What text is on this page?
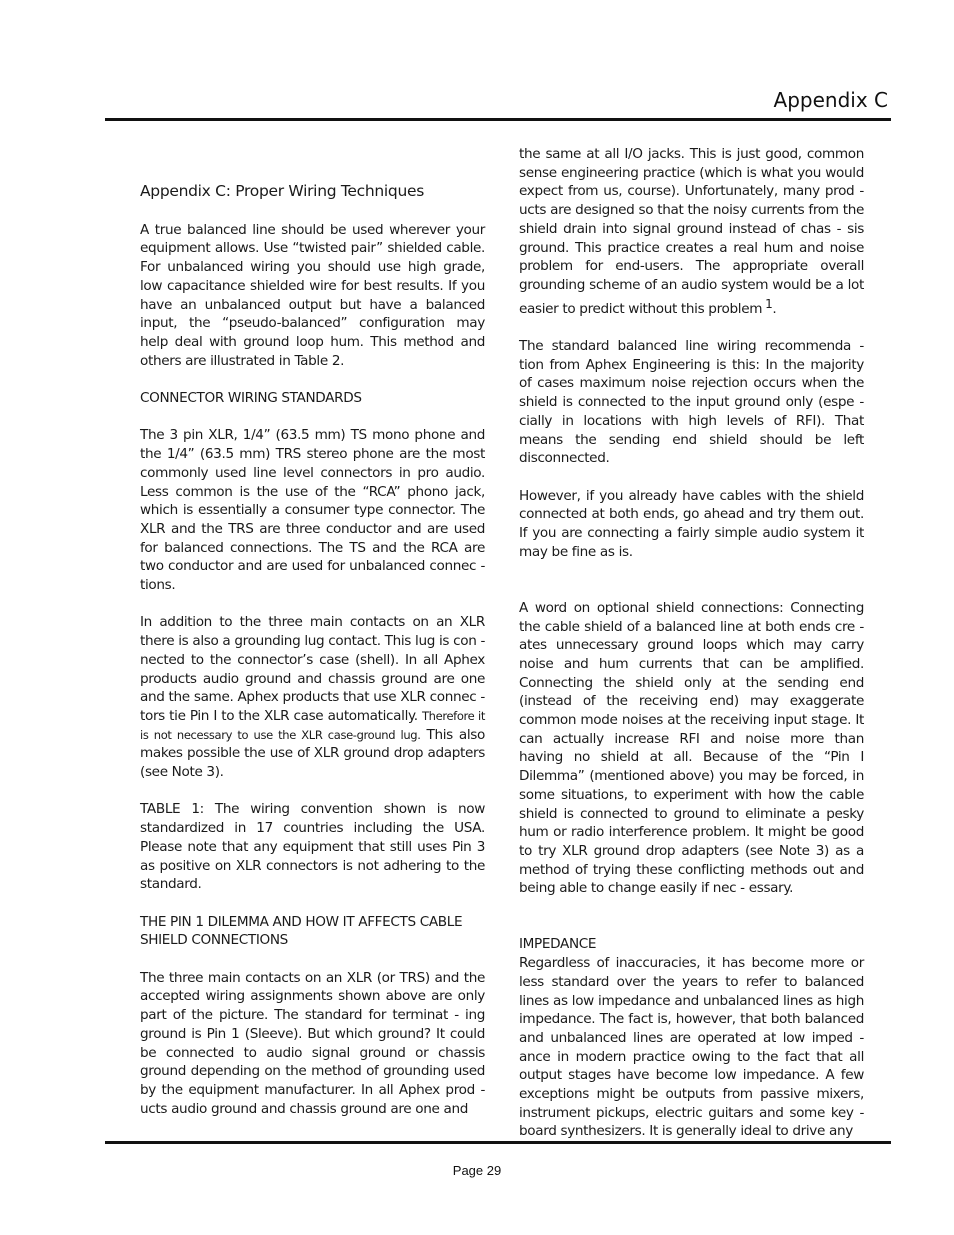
Appendix C
Appendix C: Proper Wiring Techniques

A true balanced line should be used wherever your equipment allows. Use “twisted pair” shielded cable. For unbalanced wiring you should use high grade, low capacitance shielded wire for best results. If you have an unbalanced output but have a balanced input, the “pseudo-balanced” configuration may help deal with ground loop hum. This method and others are illustrated in Table 2.

CONNECTOR WIRING STANDARDS

The 3 pin XLR, 1/4” (63.5 mm) TS mono phone and the 1/4” (63.5 mm) TRS stereo phone are the most commonly used line level connectors in pro audio. Less common is the use of the “RCA” phono jack, which is essentially a consumer type connector. The XLR and the TRS are three conductor and are used for balanced connections. The TS and the RCA are two conductor and are used for unbalanced connec - tions.

In addition to the three main contacts on an XLR there is also a grounding lug contact. This lug is con - nected to the connector’s case (shell). In all Aphex products audio ground and chassis ground are one and the same. Aphex products that use XLR connec - tors tie Pin I to the XLR case automatically. Therefore it is not necessary to use the XLR case-ground lug. This also makes possible the use of XLR ground drop adapters (see Note 3).

TABLE 1: The wiring convention shown is now standardized in 17 countries including the USA. Please note that any equipment that still uses Pin 3 as positive on XLR connectors is not adhering to the standard.

THE PIN 1 DILEMMA AND HOW IT AFFECTS CABLE SHIELD CONNECTIONS

The three main contacts on an XLR (or TRS) and the accepted wiring assignments shown above are only part of the picture. The standard for terminat - ing ground is Pin 1 (Sleeve). But which ground? It could be connected to audio signal ground or chassis ground depending on the method of grounding used by the equipment manufacturer. In all Aphex prod - ucts audio ground and chassis ground are one and

the same at all I/O jacks. This is just good, common sense engineering practice (which is what you would expect from us, course). Unfortunately, many prod - ucts are designed so that the noisy currents from the shield drain into signal ground instead of chas - sis ground. This practice creates a real hum and noise problem for end-users. The appropriate overall grounding scheme of an audio system would be a lot easier to predict without this problem $^1$.

The standard balanced line wiring recommenda - tion from Aphex Engineering is this: In the majority of cases maximum noise rejection occurs when the shield is connected to the input ground only (espe - cially in locations with high levels of RFI). That means the sending end shield should be left disconnected.

However, if you already have cables with the shield connected at both ends, go ahead and try them out. If you are connecting a fairly simple audio system it may be fine as is.

A word on optional shield connections: Connecting the cable shield of a balanced line at both ends cre - ates unnecessary ground loops which may carry noise and hum currents that can be amplified. Connecting the shield only at the sending end (instead of the receiving end) may exaggerate common mode noises at the receiving input stage. It can actually increase RFI and noise more than having no shield at all. Because of the “Pin I Dilemma” (mentioned above) you may be forced, in some situations, to experiment with how the cable shield is connected to ground to eliminate a pesky hum or radio interference problem. It might be good to try XLR ground drop adapters (see Note 3) as a method of trying these conflicting methods out and being able to change easily if nec - essary.

IMPEDANCE

Regardless of inaccuracies, it has become more or less standard over the years to refer to balanced lines as low impedance and unbalanced lines as high impedance. The fact is, however, that both balanced and unbalanced lines are operated at low imped - ance in modern practice owing to the fact that all output stages have become low impedance. A few exceptions might be outputs from passive mixers, instrument pickups, electric guitars and some key - board synthesizers. It is generally ideal to drive any

Page 29
